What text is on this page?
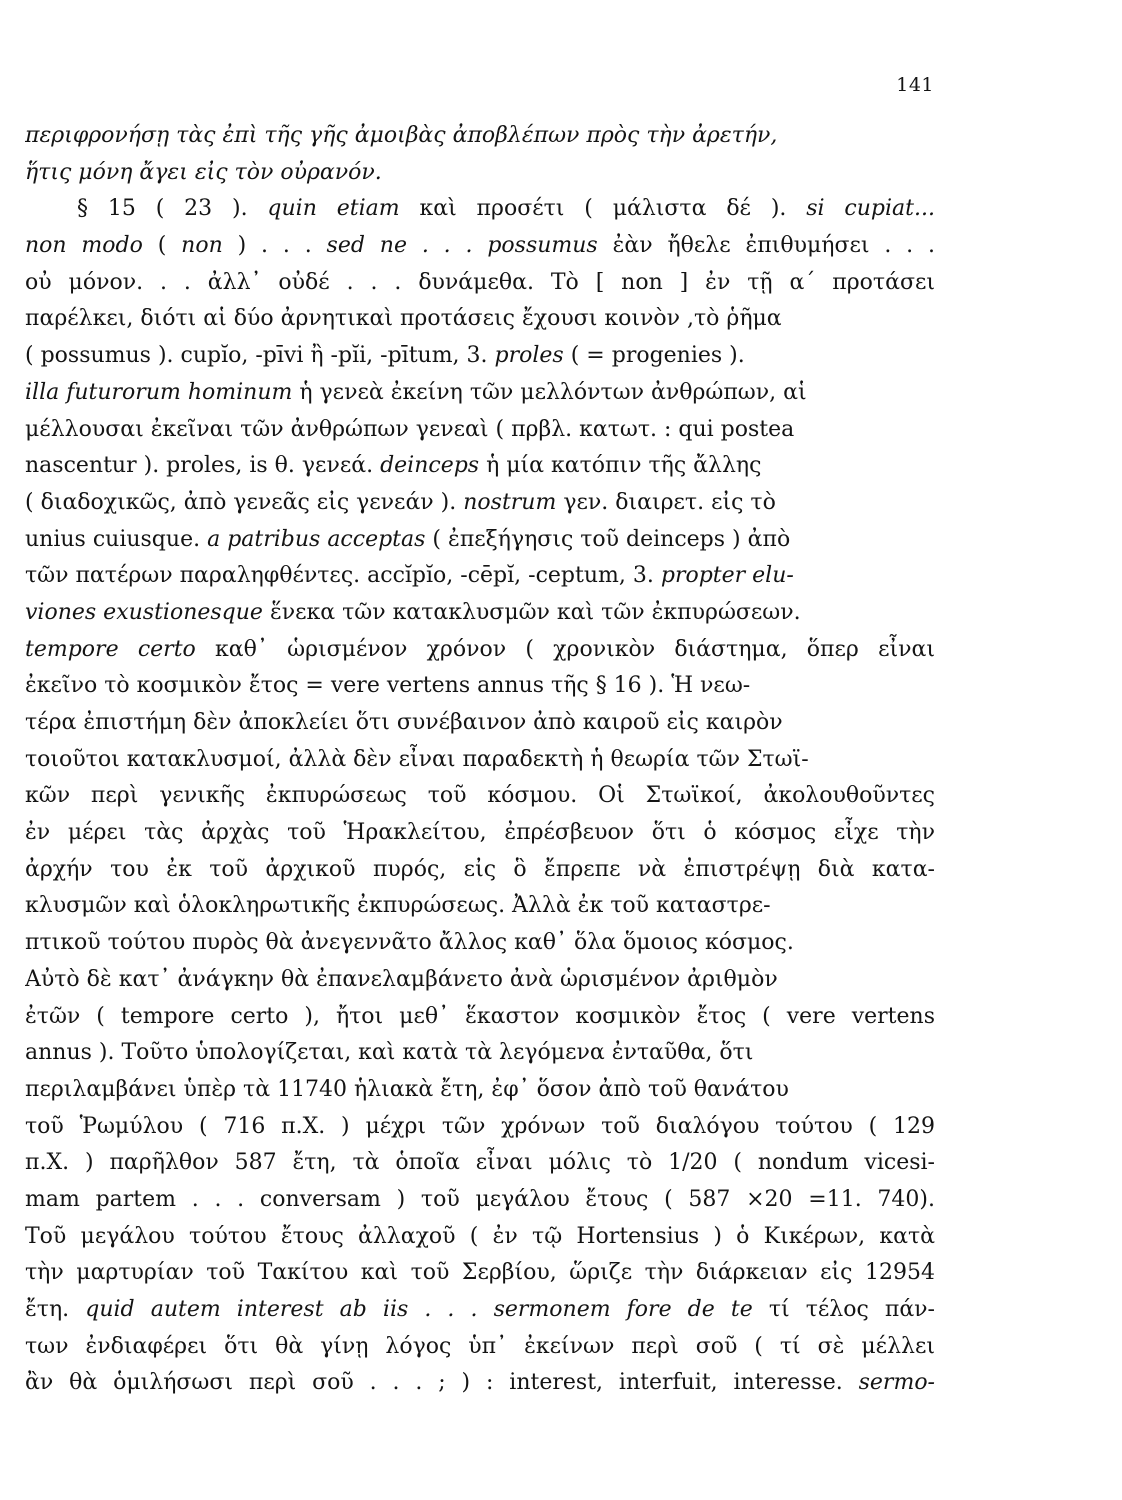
141
περιφρονήσῃ τὰς ἐπὶ τῆς γῆς ἀμοιβὰς ἀποβλέπων πρὸς τὴν ἀρετήν,
ἥτις μόνη ἄγει εἰς τὸν οὐρανόν.
§ 15 ( 23 ). quin etiam καὶ προσέτι ( μάλιστα δέ ). si cupiat...
non modo ( non ) . . . sed ne . . . possumus ἐὰν ἤθελε ἐπιθυμήσει . . .
οὐ μόνον. . . ἀλλ᾽ οὐδέ . . . δυνάμεθα. Τὸ [ non ] ἐν τῇ α΄ προτάσει
παρέλκει, διότι αἱ δύο ἀρνητικαὶ προτάσεις ἔχουσι κοινὸν ,τὸ ῥῆμα
( possumus ). cupĭo, -pīvi ἢ -pĭi, -pītum, 3. proles ( = progenies ).
illa futurorum hominum ἡ γενεὰ ἐκείνη τῶν μελλόντων ἀνθρώπων, αἱ
μέλλουσαι ἐκεῖναι τῶν ἀνθρώπων γενεαὶ ( πρβλ. κατωτ. : qui postea
nascentur ). proles, is θ. γενεά. deinceps ἡ μία κατόπιν τῆς ἄλλης
( διαδοχικῶς, ἀπὸ γενεᾶς εἰς γενεάν ). nostrum γεν. διαιρετ. εἰς τὸ
unius cuiusque. a patribus acceptas ( ἐπεξήγησις τοῦ deinceps ) ἀπὸ
τῶν πατέρων παραληφθέντες. accĭpĭo, -cēpĭ, -ceptum, 3. propter elu-
viones exustionesque ἕνεκα τῶν κατακλυσμῶν καὶ τῶν ἐκπυρώσεων.
tempore certo καθ᾽ ὡρισμένον χρόνον ( χρονικὸν διάστημα, ὅπερ εἶναι
ἐκεῖνο τὸ κοσμικὸν ἔτος = vere vertens annus τῆς § 16 ). Ἡ νεω-
τέρα ἐπιστήμη δὲν ἀποκλείει ὅτι συνέβαινον ἀπὸ καιροῦ εἰς καιρὸν
τοιοῦτοι κατακλυσμοί, ἀλλὰ δὲν εἶναι παραδεκτὴ ἡ θεωρία τῶν Στωϊ-
κῶν περὶ γενικῆς ἐκπυρώσεως τοῦ κόσμου. Οἱ Στωϊκοί, ἀκολουθοῦντες
ἐν μέρει τὰς ἀρχὰς τοῦ Ἡρακλείτου, ἐπρέσβευον ὅτι ὁ κόσμος εἶχε τὴν
ἀρχήν του ἐκ τοῦ ἀρχικοῦ πυρός, εἰς ὃ ἔπρεπε νὰ ἐπιστρέψῃ διὰ κατα-
κλυσμῶν καὶ ὁλοκληρωτικῆς ἐκπυρώσεως. Ἀλλὰ ἐκ τοῦ καταστρε-
πτικοῦ τούτου πυρὸς θὰ ἀνεγεννᾶτο ἄλλος καθ᾽ ὅλα ὅμοιος κόσμος.
Αὐτὸ δὲ κατ᾽ ἀνάγκην θὰ ἐπανελαμβάνετο ἀνὰ ὡρισμένον ἀριθμὸν
ἐτῶν ( tempore certo ), ἤτοι μεθ᾽ ἕκαστον κοσμικὸν ἔτος ( vere vertens
annus ). Τοῦτο ὑπολογίζεται, καὶ κατὰ τὰ λεγόμενα ἐνταῦθα, ὅτι
περιλαμβάνει ὑπὲρ τὰ 11740 ἡλιακὰ ἔτη, ἐφ᾽ ὅσον ἀπὸ τοῦ θανάτου
τοῦ Ῥωμύλου ( 716 π.Χ. ) μέχρι τῶν χρόνων τοῦ διαλόγου τούτου ( 129
π.Χ. ) παρῆλθον 587 ἔτη, τὰ ὁποῖα εἶναι μόλις τὸ 1/20 ( nondum vicesi-
mam partem . . . conversam ) τοῦ μεγάλου ἔτους ( 587 ×20 =11. 740).
Τοῦ μεγάλου τούτου ἔτους ἀλλαχοῦ ( ἐν τῷ Hortensius ) ὁ Κικέρων, κατὰ
τὴν μαρτυρίαν τοῦ Τακίτου καὶ τοῦ Σερβίου, ὥριζε τὴν διάρκειαν εἰς 12954
ἔτη. quid autem interest ab iis . . . sermonem fore de te τί τέλος πάν-
των ἐνδιαφέρει ὅτι θὰ γίνῃ λόγος ὑπ᾽ ἐκείνων περὶ σοῦ ( τί σὲ μέλλει
ἂν θὰ ὁμιλήσωσι περὶ σοῦ . . . ; ) : interest, interfuit, interesse. sermo-
